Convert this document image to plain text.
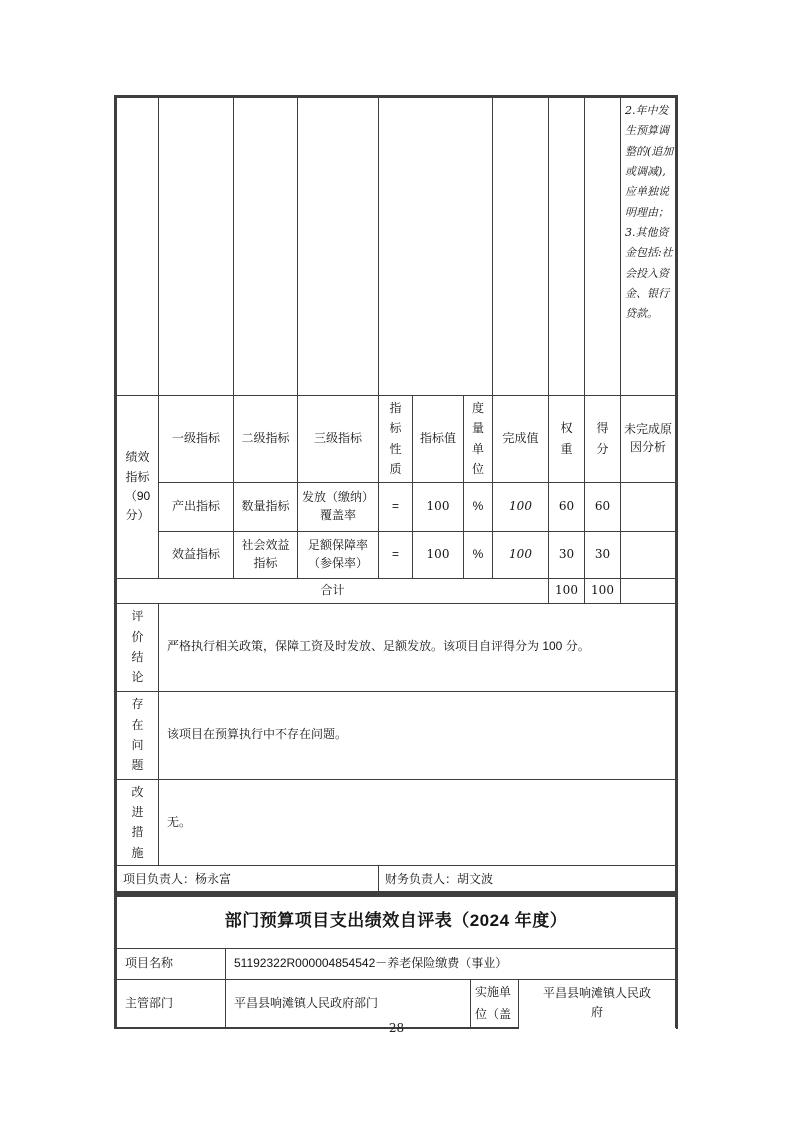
										2.年中发生预算调整的(追加或调减),应单独说明理由；3.其他资金包括:社会投入资金、银行贷款。
绩效指标（90分）	一级指标	二级指标	三级指标	指标性质	指标值	度量单位	完成值	权重	得分	未完成原因分析
	产出指标	数量指标	发放（缴纳）覆盖率	=	100	%	100	60	60	
	效益指标	社会效益指标	足额保障率（参保率）	=	100	%	100	30	30	
合计								100	100	
评价结论	严格执行相关政策，保障工资及时发放、足额发放。该项目自评得分为 100 分。									
存在问题	该项目在预算执行中不存在问题。									
改进措施	无。									
项目负责人：杨永富				财务负责人：胡文波						
部门预算项目支出绩效自评表（2024 年度）			
项目名称	51192322R000004854542－养老保险缴费（事业）		
主管部门	平昌县响滩镇人民政府部门	实施单位（盖	平昌县响滩镇人民政府
28
